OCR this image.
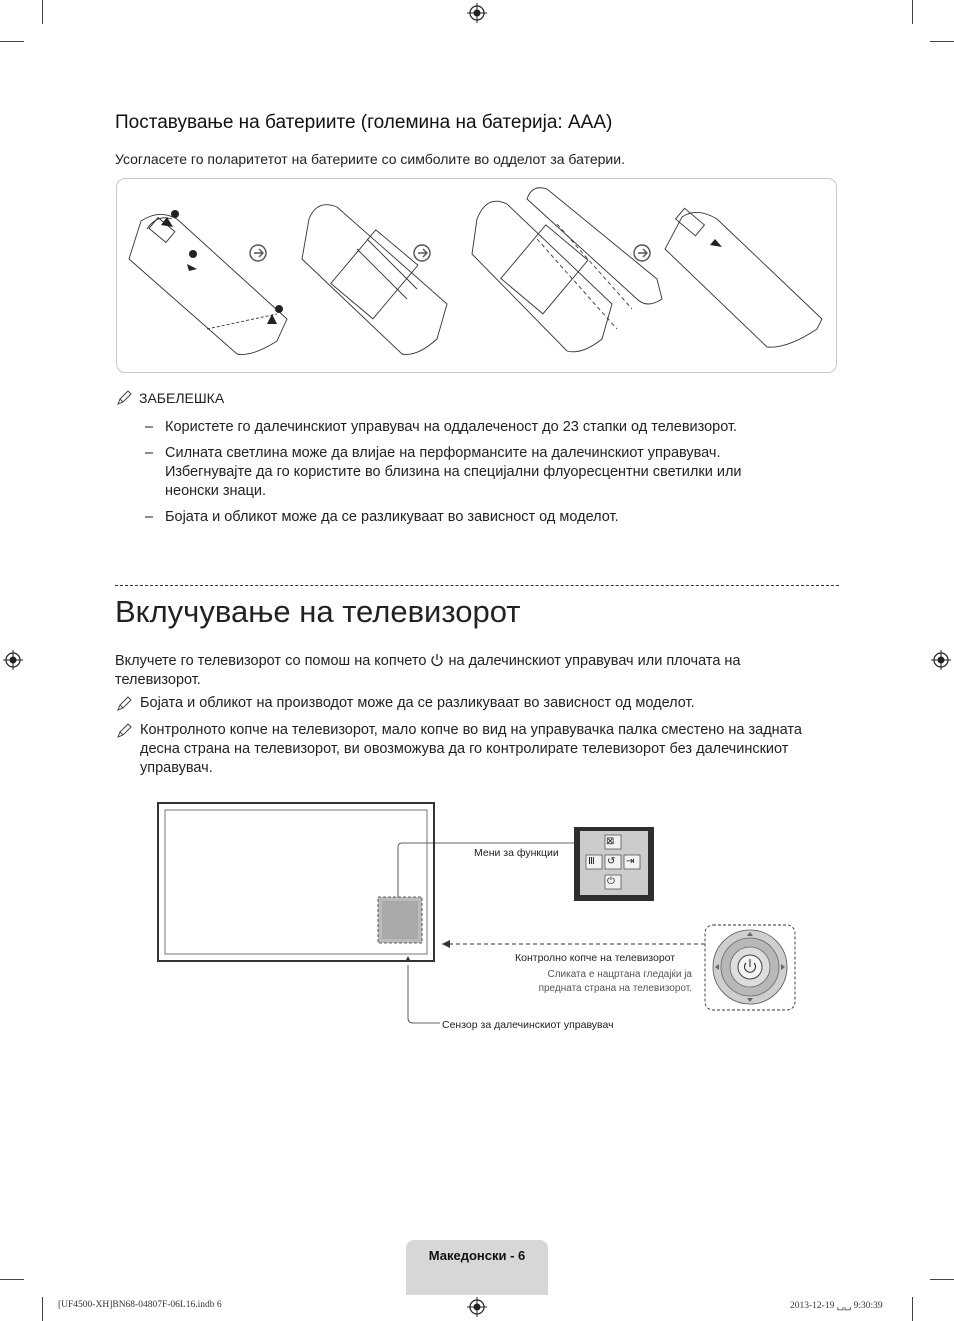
Поставување на батериите (големина на батерија: AAA)
Усогласете го поларитетот на батериите со симболите во одделот за батерии.
ЗАБЕЛЕШКА
– Користете го далечинскиот управувач на оддалеченост до 23 стапки од телевизорот.
– Силната светлина може да влијае на перформансите на далечинскиот управувач. Избегнувајте да го користите во близина на специјални флуоресцентни светилки или неонски знаци.
– Бојата и обликот може да се разликуваат во зависност од моделот.
Вклучување на телевизорот
Вклучете го телевизорот со помош на копчето на далечинскиот управувач или плочата на
телевизорот.
Бојата и обликот на производот може да се разликуваат во зависност од моделот.
Контролното копче на телевизорот, мало копче во вид на управувачка палка сместено на задната десна страна на телевизорот, ви овозможува да го контролирате телевизорот без далечинскиот управувач.
⊠
Ⅲ ↺ ⇥
⏻
Мени за функции
Контролно копче на телевизорот
Сликата е нацртана гледајќи ја
предната страна на телевизорот.
Сензор за далечинскиот управувач
Македонски - 6
[UF4500-XH]BN68-04807F-06L16.indb 6	2013-12-19 ␣␣ 9:30:39
